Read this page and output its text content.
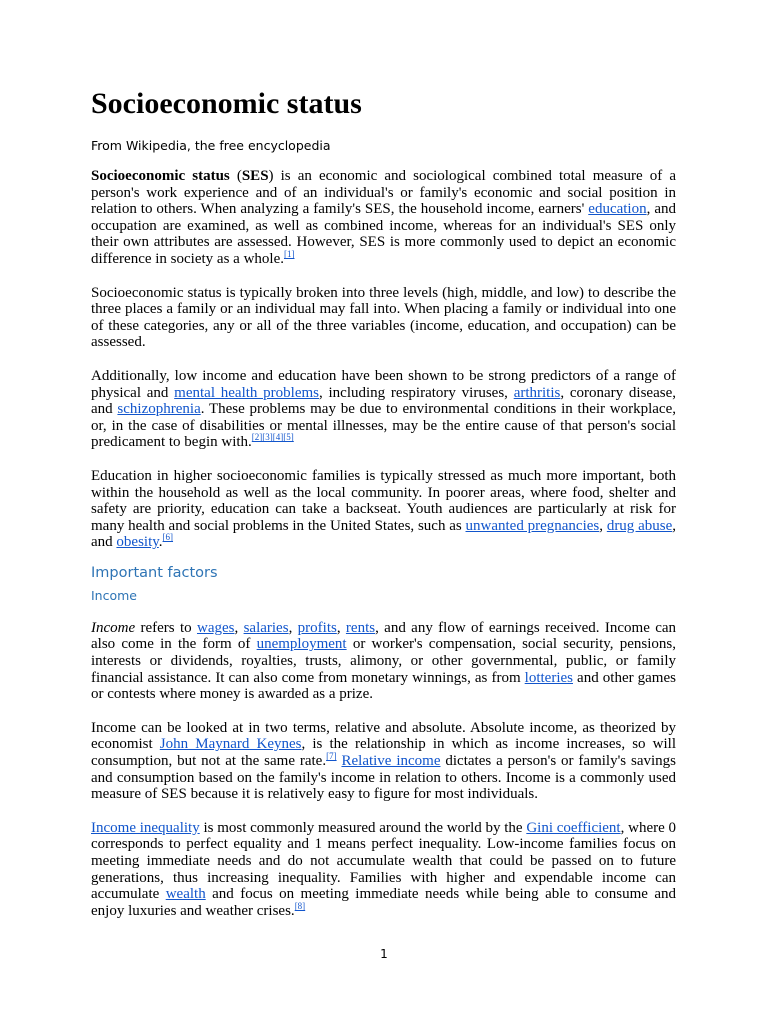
Socioeconomic status
From Wikipedia, the free encyclopedia

Socioeconomic status (SES) is an economic and sociological combined total measure of a person's work experience and of an individual's or family's economic and social position in relation to others. When analyzing a family's SES, the household income, earners' education, and occupation are examined, as well as combined income, whereas for an individual's SES only their own attributes are assessed. However, SES is more commonly used to depict an economic difference in society as a whole.[1]

Socioeconomic status is typically broken into three levels (high, middle, and low) to describe the three places a family or an individual may fall into. When placing a family or individual into one of these categories, any or all of the three variables (income, education, and occupation) can be assessed.

Additionally, low income and education have been shown to be strong predictors of a range of physical and mental health problems, including respiratory viruses, arthritis, coronary disease, and schizophrenia. These problems may be due to environmental conditions in their workplace, or, in the case of disabilities or mental illnesses, may be the entire cause of that person's social predicament to begin with.[2][3][4][5]

Education in higher socioeconomic families is typically stressed as much more important, both within the household as well as the local community. In poorer areas, where food, shelter and safety are priority, education can take a backseat. Youth audiences are particularly at risk for many health and social problems in the United States, such as unwanted pregnancies, drug abuse, and obesity.[6]

Important factors
Income

Income refers to wages, salaries, profits, rents, and any flow of earnings received. Income can also come in the form of unemployment or worker's compensation, social security, pensions, interests or dividends, royalties, trusts, alimony, or other governmental, public, or family financial assistance. It can also come from monetary winnings, as from lotteries and other games or contests where money is awarded as a prize.

Income can be looked at in two terms, relative and absolute. Absolute income, as theorized by economist John Maynard Keynes, is the relationship in which as income increases, so will consumption, but not at the same rate.[7] Relative income dictates a person's or family's savings and consumption based on the family's income in relation to others. Income is a commonly used measure of SES because it is relatively easy to figure for most individuals.

Income inequality is most commonly measured around the world by the Gini coefficient, where 0 corresponds to perfect equality and 1 means perfect inequality. Low-income families focus on meeting immediate needs and do not accumulate wealth that could be passed on to future generations, thus increasing inequality. Families with higher and expendable income can accumulate wealth and focus on meeting immediate needs while being able to consume and enjoy luxuries and weather crises.[8]

1
